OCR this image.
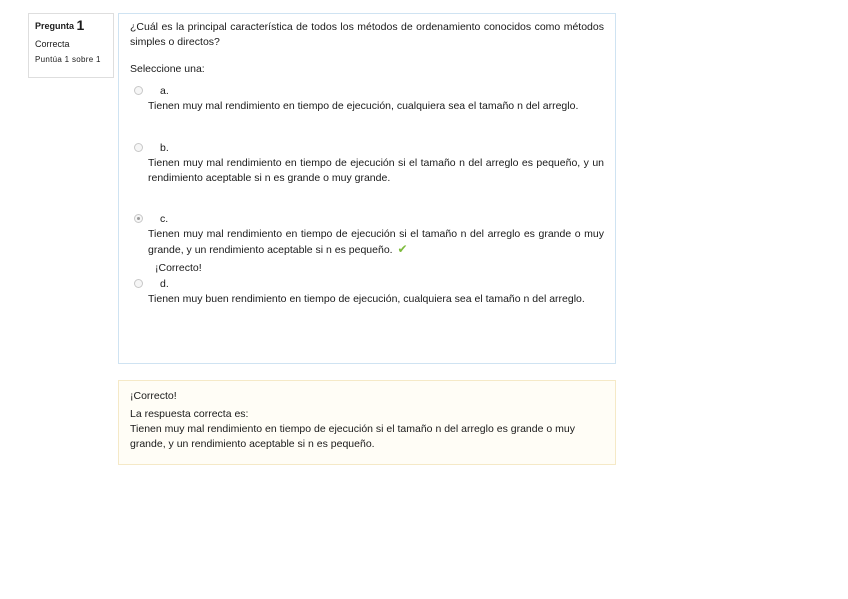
Pregunta 1
Correcta
Puntúa 1 sobre 1
¿Cuál es la principal característica de todos los métodos de ordenamiento conocidos como métodos simples o directos?
Seleccione una:
a.
Tienen muy mal rendimiento en tiempo de ejecución, cualquiera sea el tamaño n del arreglo.
b.
Tienen muy mal rendimiento en tiempo de ejecución si el tamaño n del arreglo es pequeño, y un rendimiento aceptable si n es grande o muy grande.
c.
Tienen muy mal rendimiento en tiempo de ejecución si el tamaño n del arreglo es grande o muy grande, y un rendimiento aceptable si n es pequeño. ✔
¡Correcto!
d.
Tienen muy buen rendimiento en tiempo de ejecución, cualquiera sea el tamaño n del arreglo.
¡Correcto!
La respuesta correcta es:
Tienen muy mal rendimiento en tiempo de ejecución si el tamaño n del arreglo es grande o muy grande, y un rendimiento aceptable si n es pequeño.
